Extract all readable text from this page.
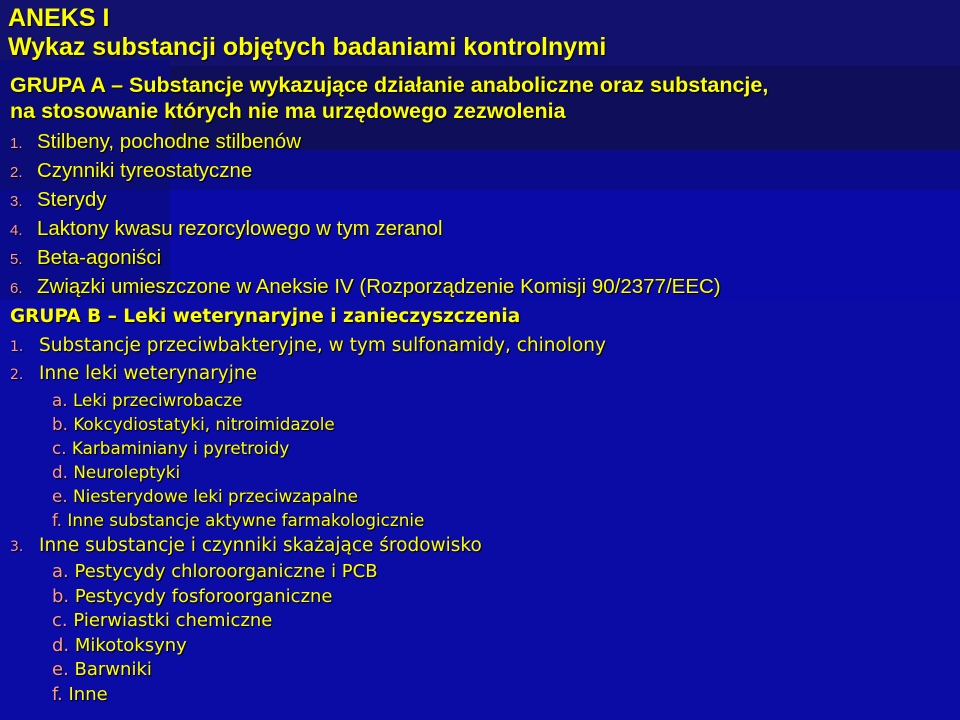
ANEKS I
Wykaz substancji objętych badaniami kontrolnymi
GRUPA A – Substancje wykazujące działanie anaboliczne oraz substancje,
na stosowanie których nie ma urzędowego zezwolenia
1. Stilbeny, pochodne stilbenów
2. Czynniki tyreostatyczne
3. Sterydy
4. Laktony kwasu rezorcylowego w tym zeranol
5. Beta-agoniści
6. Związki umieszczone w Aneksie IV (Rozporządzenie Komisji 90/2377/EEC)
GRUPA B – Leki weterynaryjne i zanieczyszczenia
1. Substancje przeciwbakteryjne, w tym sulfonamidy, chinolony
2. Inne leki weterynaryjne
a. Leki przeciwrobacze
b. Kokcydiostatyki, nitroimidazole
c. Karbaminiany i pyretroidy
d. Neuroleptyki
e. Niesterydowe leki przeciwzapalne
f. Inne substancje aktywne farmakologicznie
3. Inne substancje i czynniki skażające środowisko
a. Pestycydy chloroorganiczne i PCB
b. Pestycydy fosforoorganiczne
c. Pierwiastki chemiczne
d. Mikotoksyny
e. Barwniki
f. Inne
